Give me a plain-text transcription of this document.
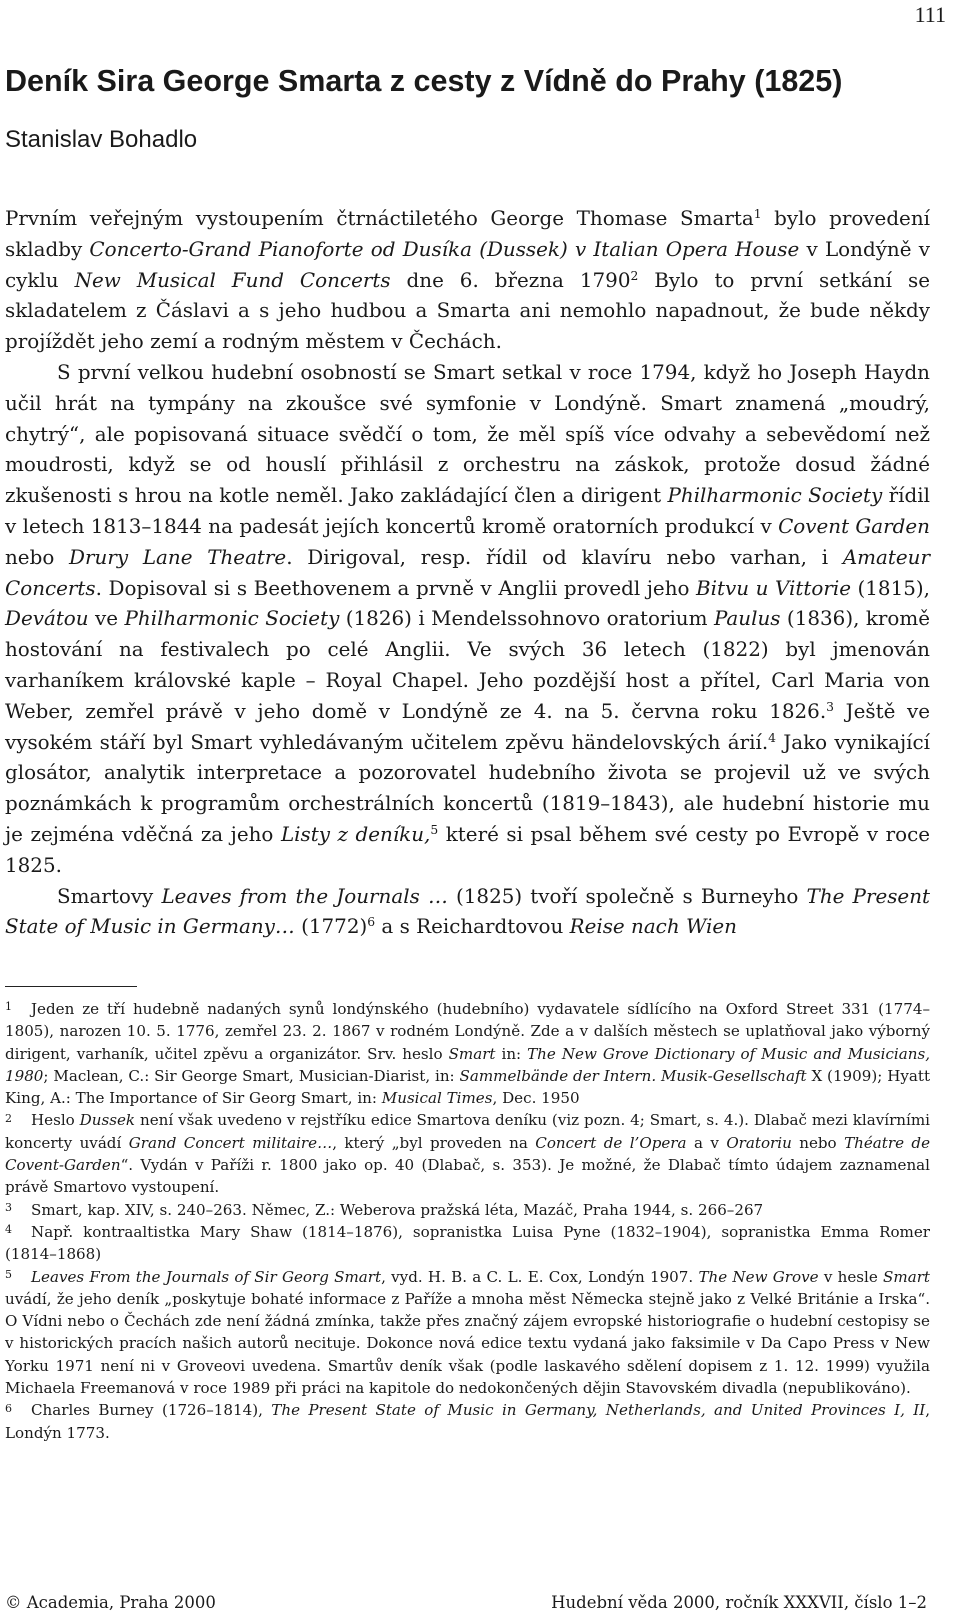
111
Deník Sira George Smarta z cesty z Vídně do Prahy (1825)
Stanislav Bohadlo

Prvním veřejným vystoupením čtrnáctiletého George Thomase Smarta$^1$ bylo provedení skladby Concerto-Grand Pianoforte od Dusíka (Dussek) v Italian Opera House v Londýně v cyklu New Musical Fund Concerts dne 6. března 1790$^2$ Bylo to první setkání se skladatelem z Čáslavi a s jeho hudbou a Smarta ani nemohlo napadnout, že bude někdy projíždět jeho zemí a rodným městem v Čechách.

S první velkou hudební osobností se Smart setkal v roce 1794, když ho Joseph Haydn učil hrát na tympány na zkoušce své symfonie v Londýně. Smart znamená „moudrý, chytrý“, ale popisovaná situace svědčí o tom, že měl spíš více odvahy a sebevědomí než moudrosti, když se od houslí přihlásil z orchestru na záskok, protože dosud žádné zkušenosti s hrou na kotle neměl. Jako zakládající člen a dirigent Philharmonic Society řídil v letech 1813–1844 na padesát jejích koncertů kromě oratorních produkcí v Covent Garden nebo Drury Lane Theatre. Dirigoval, resp. řídil od klavíru nebo varhan, i Amateur Concerts. Dopisoval si s Beethovenem a prvně v Anglii provedl jeho Bitvu u Vittorie (1815), Devátou ve Philharmonic Society (1826) i Mendelssohnovo oratorium Paulus (1836), kromě hostování na festivalech po celé Anglii. Ve svých 36 letech (1822) byl jmenován varhaníkem královské kaple – Royal Chapel. Jeho pozdější host a přítel, Carl Maria von Weber, zemřel právě v jeho domě v Londýně ze 4. na 5. června roku 1826.$^3$ Ještě ve vysokém stáří byl Smart vyhledávaným učitelem zpěvu händelovských árií.$^4$ Jako vynikající glosátor, analytik interpretace a pozorovatel hudebního života se projevil už ve svých poznámkách k programům orchestrálních koncertů (1819–1843), ale hudební historie mu je zejména vděčná za jeho Listy z deníku,$^5$ které si psal během své cesty po Evropě v roce 1825.

Smartovy Leaves from the Journals … (1825) tvoří společně s Burneyho The Present State of Music in Germany… $(1772)^6$ a s Reichardtovou Reise nach Wien

1 Jeden ze tří hudebně nadaných synů londýnského (hudebního) vydavatele sídlícího na Oxford Street 331 (1774–1805), narozen 10. 5. 1776, zemřel 23. 2. 1867 v rodném Londýně. Zde a v dalších městech se uplatňoval jako výborný dirigent, varhaník, učitel zpěvu a organizátor. Srv. heslo Smart in: The New Grove Dictionary of Music and Musicians, 1980; Maclean, C.: Sir George Smart, Musician-Diarist, in: Sammelbände der Intern. Musik-Gesellschaft X (1909); Hyatt King, A.: The Importance of Sir Georg Smart, in: Musical Times, Dec. 1950

2 Heslo Dussek není však uvedeno v rejstříku edice Smartova deníku (viz pozn. 4; Smart, s. 4.). Dlabač mezi klavírními koncerty uvádí Grand Concert militaire…, který „byl proveden na Concert de l’Opera a v Oratoriu nebo Théatre de Covent-Garden“. Vydán v Paříži r. 1800 jako op. 40 (Dlabač, s. 353). Je možné, že Dlabač tímto údajem zaznamenal právě Smartovo vystoupení.

3 Smart, kap. XIV, s. 240–263. Němec, Z.: Weberova pražská léta, Mazáč, Praha 1944, s. 266–267

4 Např. kontraaltistka Mary Shaw (1814–1876), sopranistka Luisa Pyne (1832–1904), sopranistka Emma Romer (1814–1868)

5 Leaves From the Journals of Sir Georg Smart, vyd. H. B. a C. L. E. Cox, Londýn 1907. The New Grove v hesle Smart uvádí, že jeho deník „poskytuje bohaté informace z Paříže a mnoha měst Německa stejně jako z Velké Británie a Irska“. O Vídni nebo o Čechách zde není žádná zmínka, takže přes značný zájem evropské historiografie o hudební cestopisy se v historických pracích našich autorů necituje. Dokonce nová edice textu vydaná jako faksimile v Da Capo Press v New Yorku 1971 není ni v Groveovi uvedena. Smartův deník však (podle laskavého sdělení dopisem z 1. 12. 1999) využila Michaela Freemanová v roce 1989 při práci na kapitole do nedokončených dějin Stavovském divadla (nepublikováno).

6 Charles Burney (1726–1814), The Present State of Music in Germany, Netherlands, and United Provinces I, II, Londýn 1773.

© Academia, Praha 2000	Hudební věda 2000, ročník XXXVII, číslo 1–2
